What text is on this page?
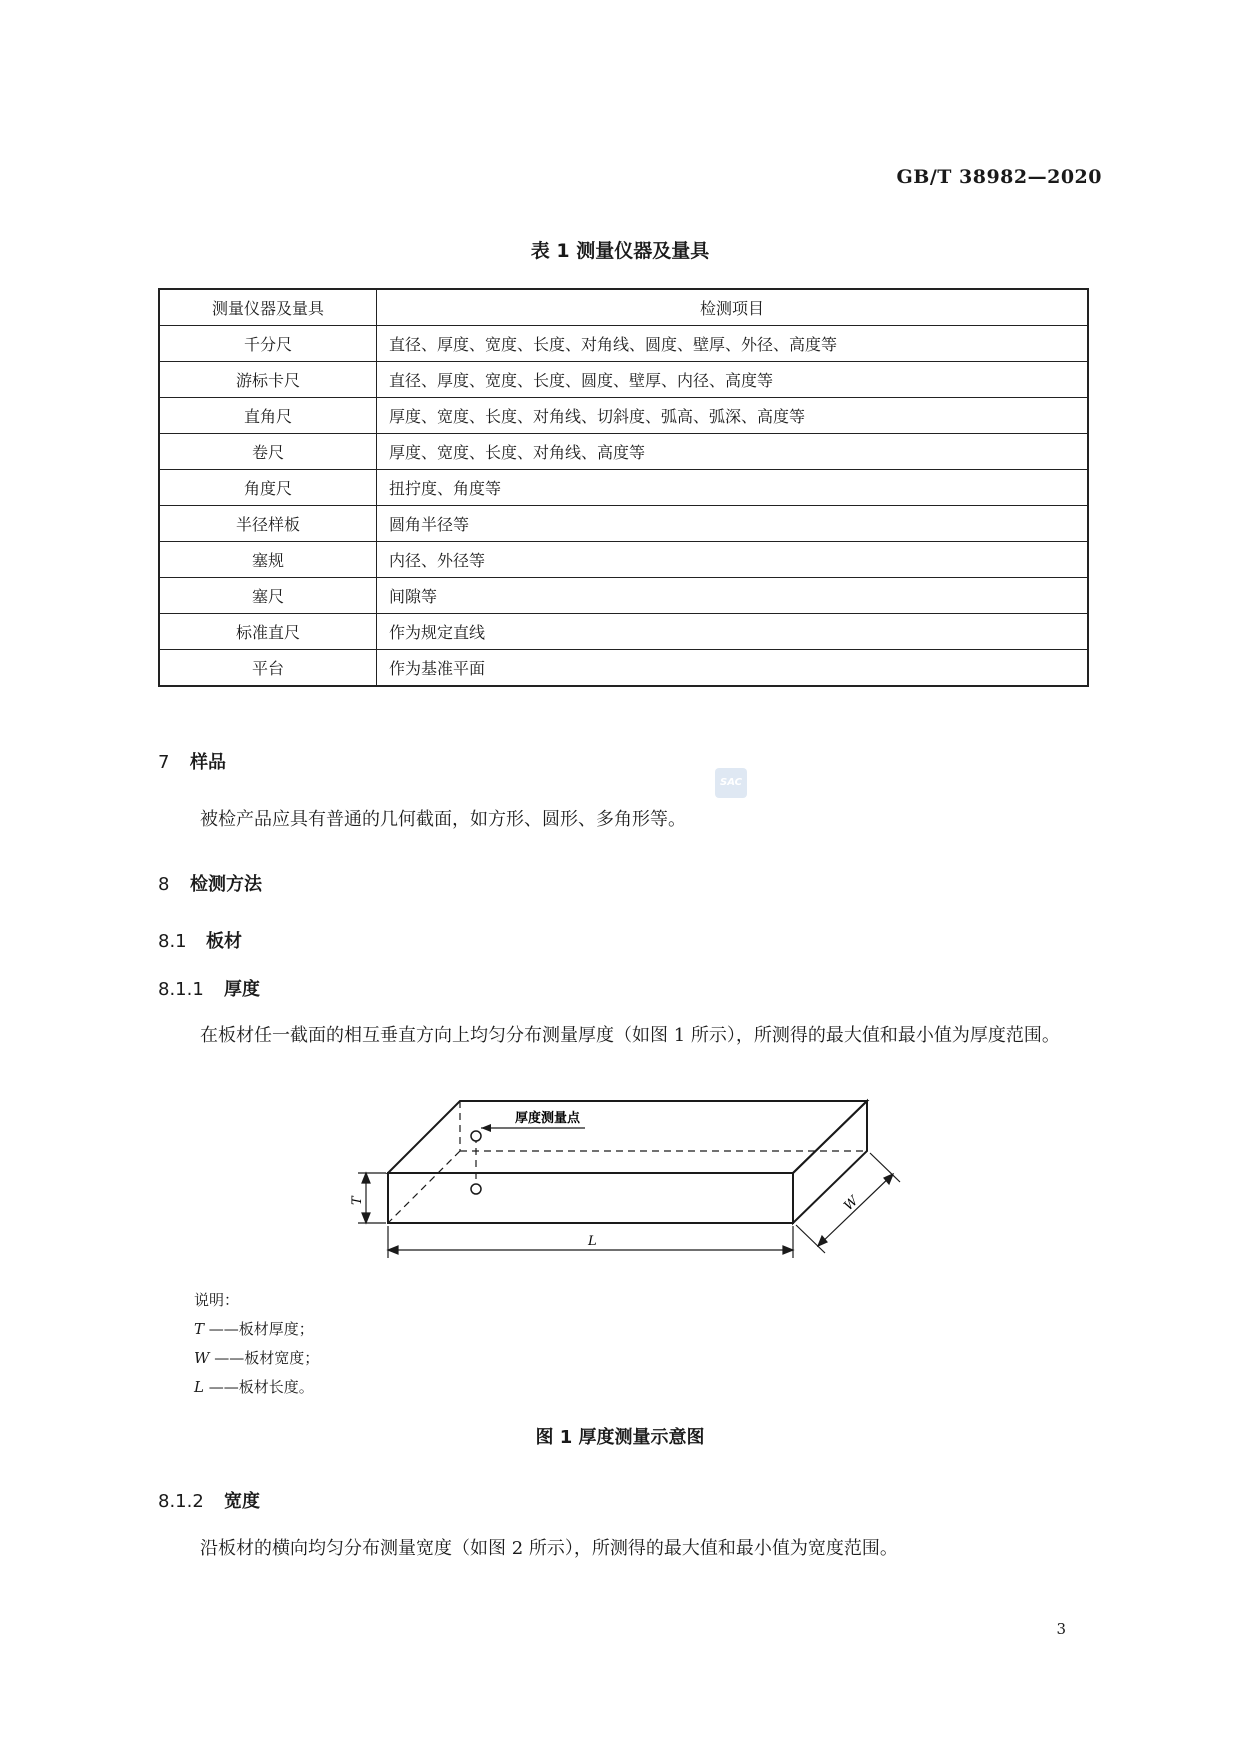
GB/T 38982—2020
表 1 测量仪器及量具
测量仪器及量具	检测项目
千分尺	直径、厚度、宽度、长度、对角线、圆度、壁厚、外径、高度等
游标卡尺	直径、厚度、宽度、长度、圆度、壁厚、内径、高度等
直角尺	厚度、宽度、长度、对角线、切斜度、弧高、弧深、高度等
卷尺	厚度、宽度、长度、对角线、高度等
角度尺	扭拧度、角度等
半径样板	圆角半径等
塞规	内径、外径等
塞尺	间隙等
标准直尺	作为规定直线
平台	作为基准平面
7 样品
SAC
被检产品应具有普通的几何截面，如方形、圆形、多角形等。
8 检测方法
8.1 板材
8.1.1 厚度
在板材任一截面的相互垂直方向上均匀分布测量厚度（如图 1 所示），所测得的最大值和最小值为厚度范围。
厚度测量点
T
L
W
说明：
T ——板材厚度；
W ——板材宽度；
L ——板材长度。
图 1 厚度测量示意图
8.1.2 宽度
沿板材的横向均匀分布测量宽度（如图 2 所示），所测得的最大值和最小值为宽度范围。
3
